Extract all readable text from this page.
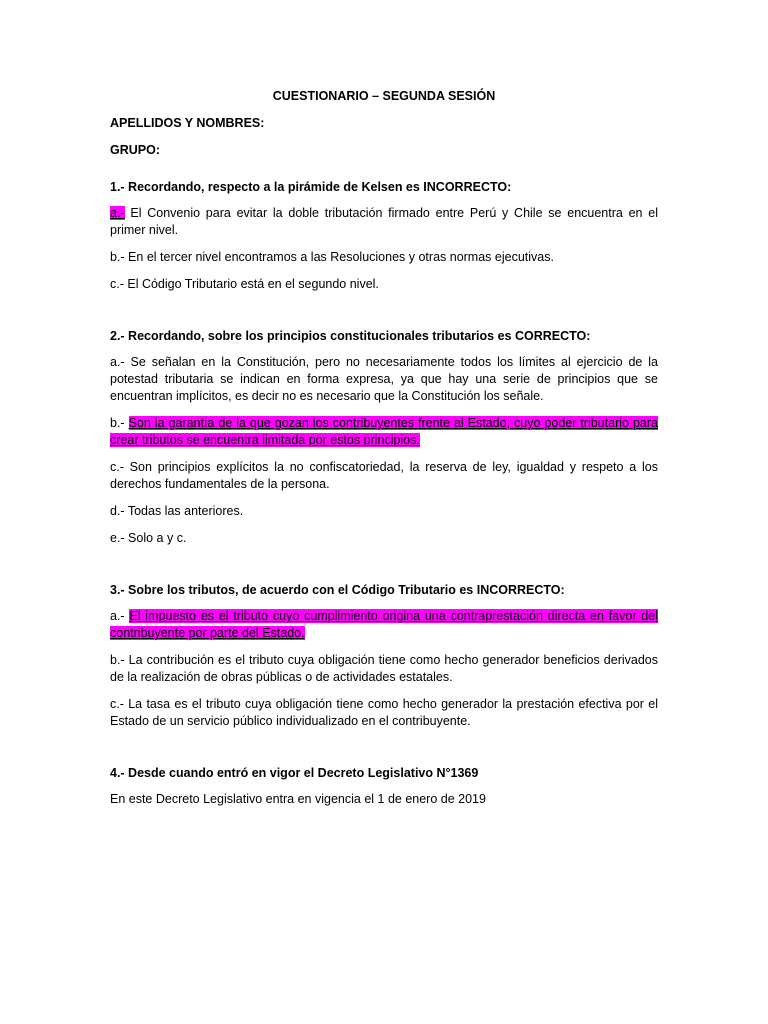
CUESTIONARIO – SEGUNDA SESIÓN
APELLIDOS Y NOMBRES:
GRUPO:
1.- Recordando, respecto a la pirámide de Kelsen es INCORRECTO:
a.- El Convenio para evitar la doble tributación firmado entre Perú y Chile se encuentra en el primer nivel.
b.- En el tercer nivel encontramos a las Resoluciones y otras normas ejecutivas.
c.- El Código Tributario está en el segundo nivel.
2.- Recordando, sobre los principios constitucionales tributarios es CORRECTO:
a.- Se señalan en la Constitución, pero no necesariamente todos los límites al ejercicio de la potestad tributaria se indican en forma expresa, ya que hay una serie de principios que se encuentran implícitos, es decir no es necesario que la Constitución los señale.
b.- Son la garantía de la que gozan los contribuyentes frente al Estado, cuyo poder tributario para crear tributos se encuentra limitada por estos principios.
c.- Son principios explícitos la no confiscatoriedad, la reserva de ley, igualdad y respeto a los derechos fundamentales de la persona.
d.- Todas las anteriores.
e.- Solo a y c.
3.- Sobre los tributos, de acuerdo con el Código Tributario es INCORRECTO:
a.- El impuesto es el tributo cuyo cumplimiento origina una contraprestación directa en favor del contribuyente por parte del Estado.
b.- La contribución es el tributo cuya obligación tiene como hecho generador beneficios derivados de la realización de obras públicas o de actividades estatales.
c.- La tasa es el tributo cuya obligación tiene como hecho generador la prestación efectiva por el Estado de un servicio público individualizado en el contribuyente.
4.- Desde cuando entró en vigor el Decreto Legislativo N°1369
En este Decreto Legislativo entra en vigencia el 1 de enero de 2019
